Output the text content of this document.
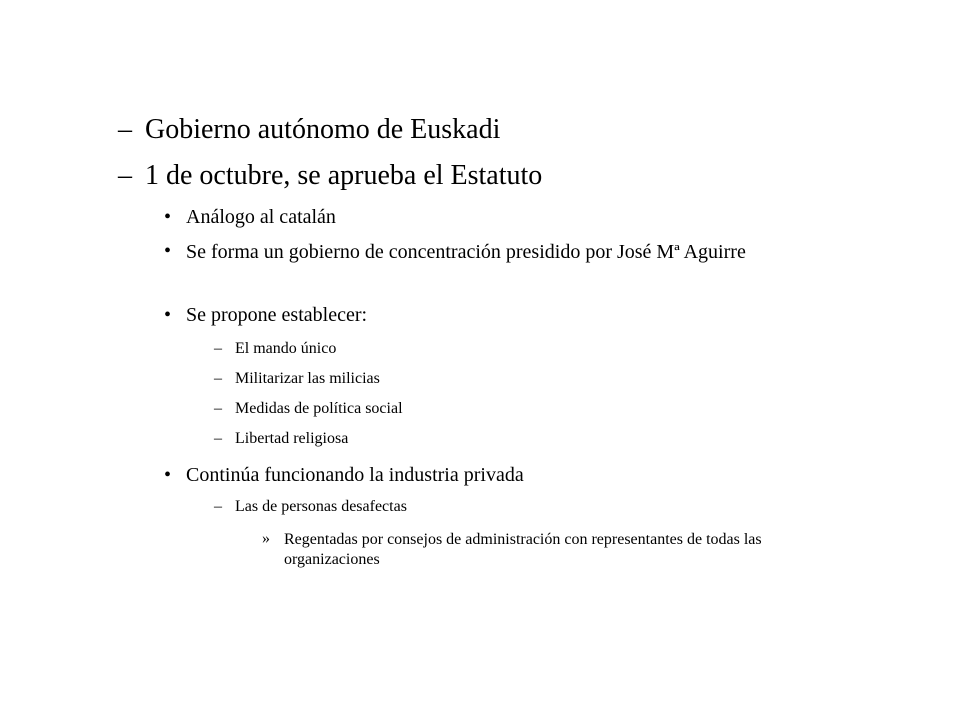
– Gobierno autónomo de Euskadi
– 1 de octubre, se aprueba el Estatuto
• Análogo al catalán
• Se forma un gobierno de concentración presidido por José Mª Aguirre
• Se propone establecer:
– El mando único
– Militarizar las milicias
– Medidas de política social
– Libertad religiosa
• Continúa funcionando la industria privada
– Las de personas desafectas
» Regentadas por consejos de administración con representantes de todas las organizaciones
